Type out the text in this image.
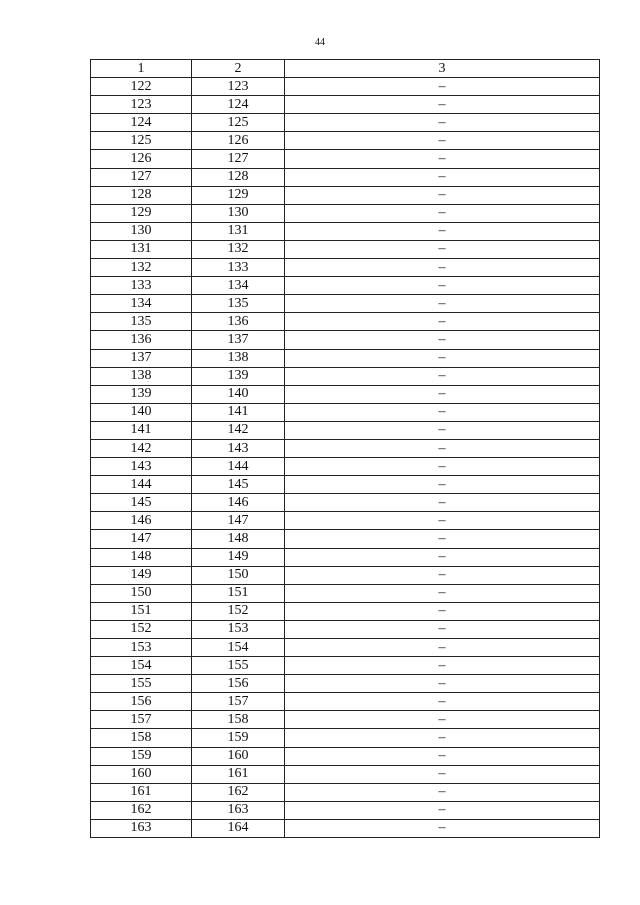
44
1	2	3
122	123	–
123	124	–
124	125	–
125	126	–
126	127	–
127	128	–
128	129	–
129	130	–
130	131	–
131	132	–
132	133	–
133	134	–
134	135	–
135	136	–
136	137	–
137	138	–
138	139	–
139	140	–
140	141	–
141	142	–
142	143	–
143	144	–
144	145	–
145	146	–
146	147	–
147	148	–
148	149	–
149	150	–
150	151	–
151	152	–
152	153	–
153	154	–
154	155	–
155	156	–
156	157	–
157	158	–
158	159	–
159	160	–
160	161	–
161	162	–
162	163	–
163	164	–
